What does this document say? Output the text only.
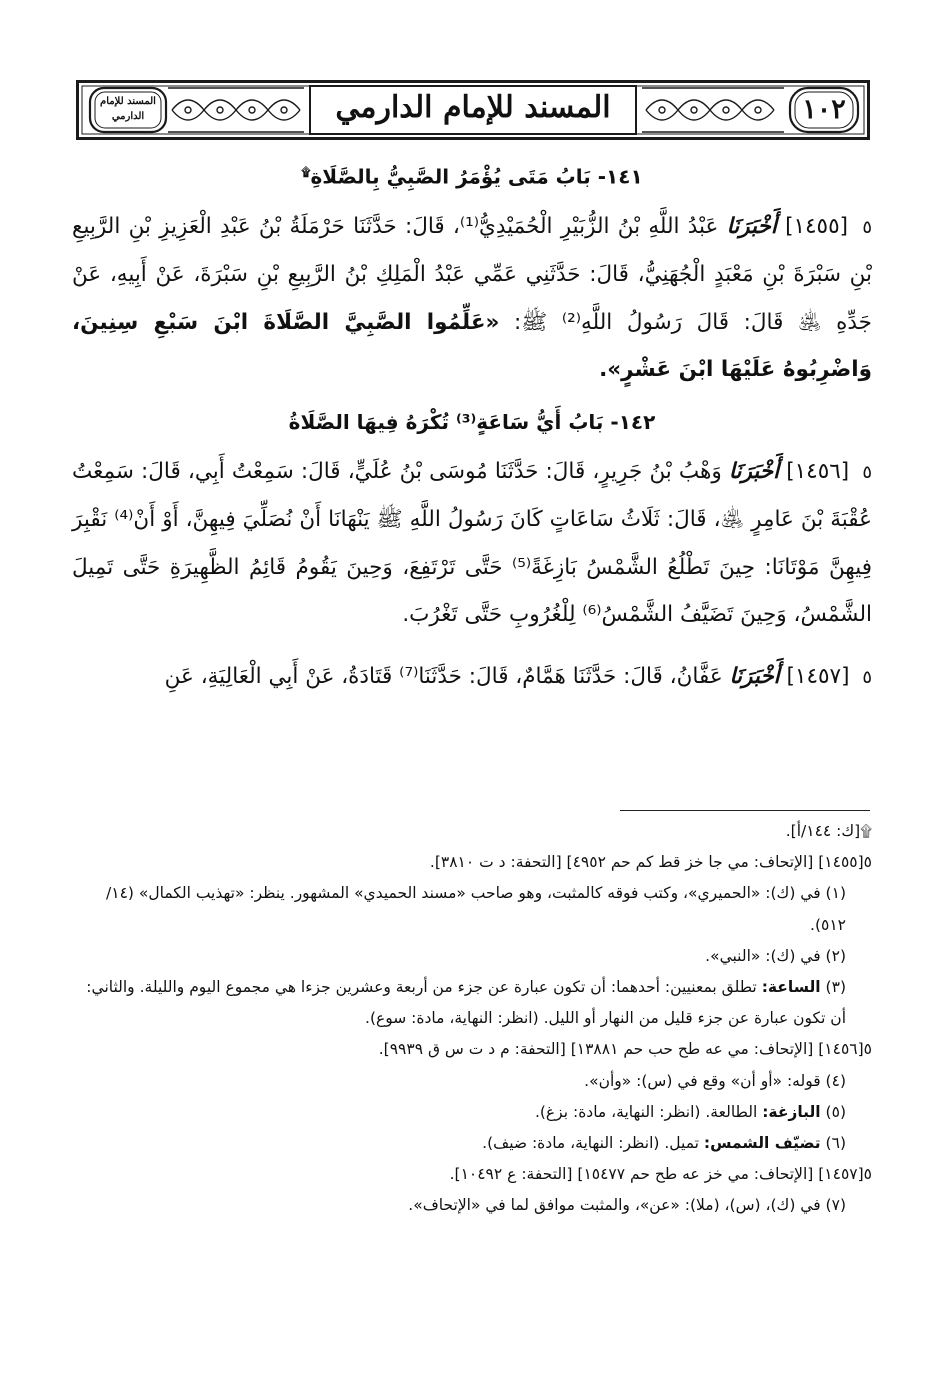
المسند للإمام الدارمي	المسند للإمام الدارمي	١٠٢
١٤١- بَابُ مَتَى يُؤْمَرُ الصَّبِيُّ بِالصَّلَاةِ۩

٥ [١٤٥٥] أَخْبَرَنَا عَبْدُ اللَّهِ بْنُ الزُّبَيْرِ الْحُمَيْدِيُّ⁽¹⁾، قَالَ: حَدَّثَنَا حَرْمَلَةُ بْنُ عَبْدِ الْعَزِيزِ بْنِ الرَّبِيعِ بْنِ سَبْرَةَ بْنِ مَعْبَدٍ الْجُهَنِيُّ، قَالَ: حَدَّثَنِي عَمِّي عَبْدُ الْمَلِكِ بْنُ الرَّبِيعِ بْنِ سَبْرَةَ، عَنْ أَبِيهِ، عَنْ جَدِّهِ ﵁ قَالَ: قَالَ رَسُولُ اللَّهِ⁽²⁾ ﷺ: «عَلِّمُوا الصَّبِيَّ الصَّلَاةَ ابْنَ سَبْعِ سِنِينَ، وَاضْرِبُوهُ عَلَيْهَا ابْنَ عَشْرٍ».

١٤٢- بَابُ أَيُّ سَاعَةٍ⁽³⁾ تُكْرَهُ فِيهَا الصَّلَاةُ

٥ [١٤٥٦] أَخْبَرَنَا وَهْبُ بْنُ جَرِيرٍ، قَالَ: حَدَّثَنَا مُوسَى بْنُ عُلَيٍّ، قَالَ: سَمِعْتُ أَبِي، قَالَ: سَمِعْتُ عُقْبَةَ بْنَ عَامِرٍ ﵁، قَالَ: ثَلَاثُ سَاعَاتٍ كَانَ رَسُولُ اللَّهِ ﷺ يَنْهَانَا أَنْ نُصَلِّيَ فِيهِنَّ، أَوْ أَنْ⁽⁴⁾ نَقْبِرَ فِيهِنَّ مَوْتَانَا: حِينَ تَطْلُعُ الشَّمْسُ بَازِغَةً⁽⁵⁾ حَتَّى تَرْتَفِعَ، وَحِينَ يَقُومُ قَائِمُ الظَّهِيرَةِ حَتَّى تَمِيلَ الشَّمْسُ، وَحِينَ تَضَيَّفُ الشَّمْسُ⁽⁶⁾ لِلْغُرُوبِ حَتَّى تَغْرُبَ.

٥ [١٤٥٧] أَخْبَرَنَا عَفَّانُ، قَالَ: حَدَّثَنَا هَمَّامٌ، قَالَ: حَدَّثَنَا⁽⁷⁾ قَتَادَةُ، عَنْ أَبِي الْعَالِيَةِ، عَنِ

۩[ك: ١٤٤/أ].

٥[١٤٥٥] [الإتحاف: مي جا خز قط كم حم ٤٩٥٢] [التحفة: د ت ٣٨١٠].

(١) في (ك): «الحميري»، وكتب فوقه كالمثبت، وهو صاحب «مسند الحميدي» المشهور. ينظر: «تهذيب الكمال» (١٤/ ٥١٢).

(٢) في (ك): «النبي».

(٣) الساعة: تطلق بمعنيين: أحدهما: أن تكون عبارة عن جزء من أربعة وعشرين جزءا هي مجموع اليوم والليلة. والثاني: أن تكون عبارة عن جزء قليل من النهار أو الليل. (انظر: النهاية، مادة: سوع).

٥[١٤٥٦] [الإتحاف: مي عه طح حب حم ١٣٨٨١] [التحفة: م د ت س ق ٩٩٣٩].

(٤) قوله: «أو أن» وقع في (س): «وأن».

(٥) البازغة: الطالعة. (انظر: النهاية، مادة: بزغ).

(٦) تضيّف الشمس: تميل. (انظر: النهاية، مادة: ضيف).

٥[١٤٥٧] [الإتحاف: مي خز عه طح حم ١٥٤٧٧] [التحفة: ع ١٠٤٩٢].

(٧) في (ك)، (س)، (ملا): «عن»، والمثبت موافق لما في «الإتحاف».
